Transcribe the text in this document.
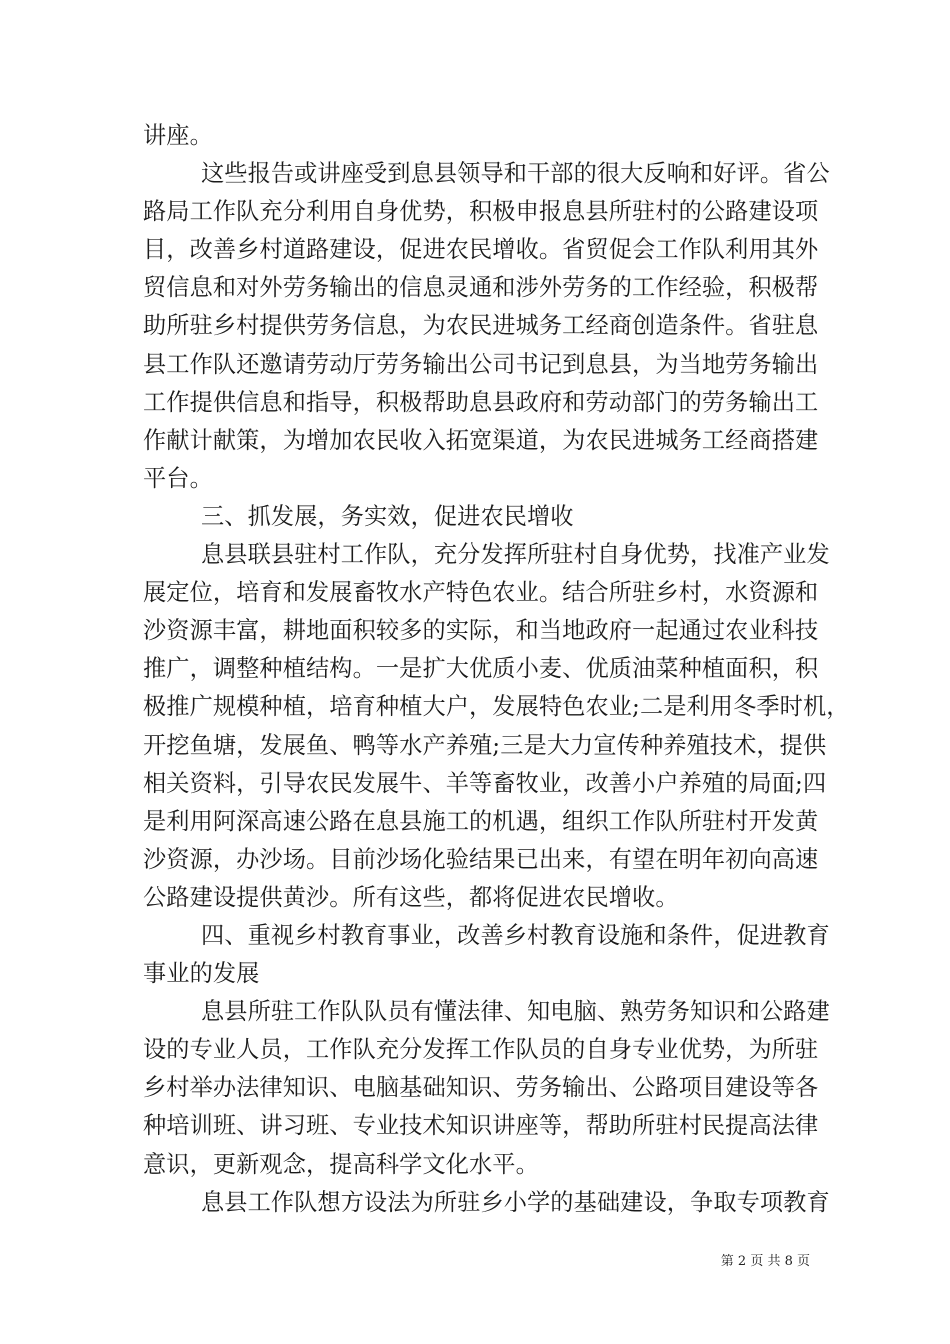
讲座。
这些报告或讲座受到息县领导和干部的很大反响和好评。省公
路局工作队充分利用自身优势，积极申报息县所驻村的公路建设项
目，改善乡村道路建设，促进农民增收。省贸促会工作队利用其外
贸信息和对外劳务输出的信息灵通和涉外劳务的工作经验，积极帮
助所驻乡村提供劳务信息，为农民进城务工经商创造条件。省驻息
县工作队还邀请劳动厅劳务输出公司书记到息县，为当地劳务输出
工作提供信息和指导，积极帮助息县政府和劳动部门的劳务输出工
作献计献策，为增加农民收入拓宽渠道，为农民进城务工经商搭建
平台。
三、抓发展，务实效，促进农民增收
息县联县驻村工作队，充分发挥所驻村自身优势，找准产业发
展定位，培育和发展畜牧水产特色农业。结合所驻乡村，水资源和
沙资源丰富，耕地面积较多的实际，和当地政府一起通过农业科技
推广，调整种植结构。一是扩大优质小麦、优质油菜种植面积，积
极推广规模种植，培育种植大户，发展特色农业;二是利用冬季时机，
开挖鱼塘，发展鱼、鸭等水产养殖;三是大力宣传种养殖技术，提供
相关资料，引导农民发展牛、羊等畜牧业，改善小户养殖的局面;四
是利用阿深高速公路在息县施工的机遇，组织工作队所驻村开发黄
沙资源，办沙场。目前沙场化验结果已出来，有望在明年初向高速
公路建设提供黄沙。所有这些，都将促进农民增收。
四、重视乡村教育事业，改善乡村教育设施和条件，促进教育
事业的发展
息县所驻工作队队员有懂法律、知电脑、熟劳务知识和公路建
设的专业人员，工作队充分发挥工作队员的自身专业优势，为所驻
乡村举办法律知识、电脑基础知识、劳务输出、公路项目建设等各
种培训班、讲习班、专业技术知识讲座等，帮助所驻村民提高法律
意识，更新观念，提高科学文化水平。
息县工作队想方设法为所驻乡小学的基础建设，争取专项教育
第 2 页 共 8 页
